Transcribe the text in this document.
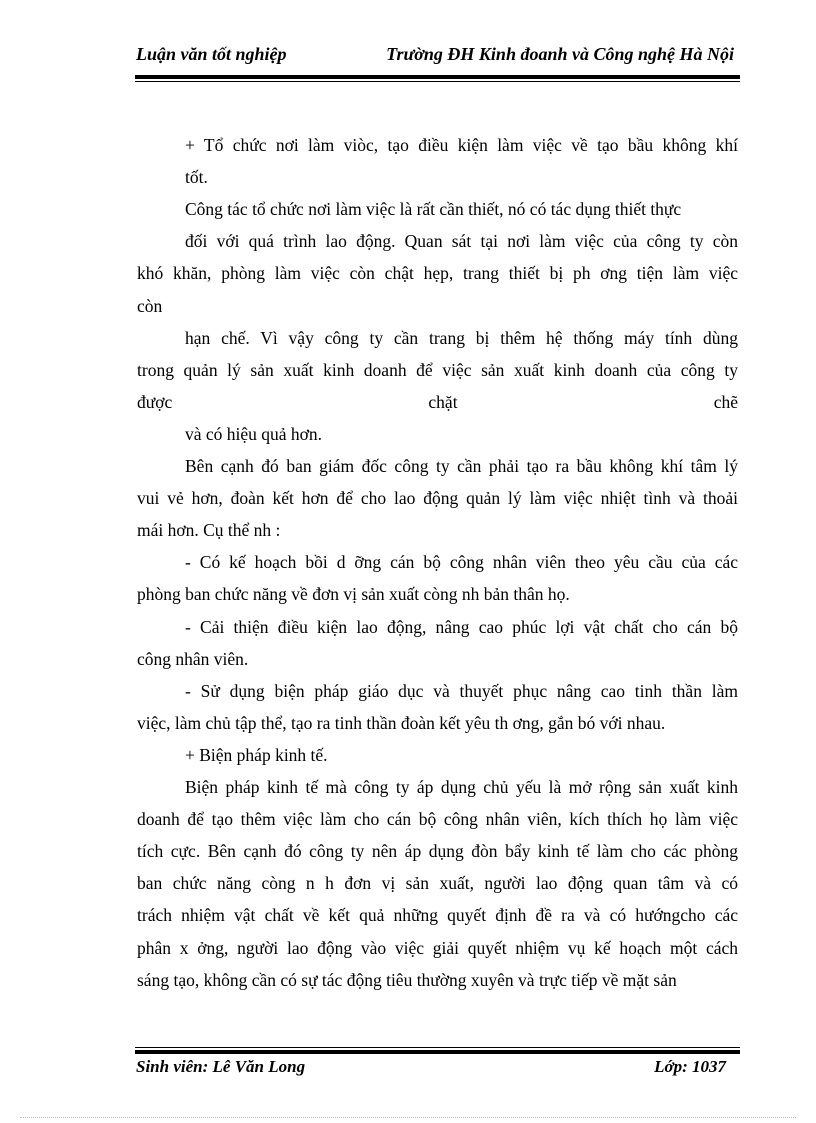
Luận văn tốt nghiệp	Trường ĐH Kinh đoanh và Công nghệ Hà Nội
+ Tổ chức nơi làm viòc, tạo điều kiện làm việc về tạo bầu không khí
tốt.
Công tác tổ chức nơi làm việc là rất cần thiết, nó có tác dụng thiết thực
đối với quá trình lao động. Quan sát tại nơi làm việc của công ty còn
khó khăn, phòng làm việc còn chật hẹp, trang thiết bị ph ơng tiện làm việc
còn
hạn chế. Vì vậy công ty cần trang bị thêm hệ thống máy tính dùng
trong quản lý sản xuất kinh doanh để việc sản xuất kinh doanh của công ty
được chặt chẽ
và có hiệu quả hơn.
Bên cạnh đó ban giám đốc công ty cần phải tạo ra bầu không khí tâm lý
vui vẻ hơn, đoàn kết hơn để cho lao động quản lý làm việc nhiệt tình và thoải
mái hơn. Cụ thể nh :
- Có kế hoạch bồi d ỡng cán bộ công nhân viên theo yêu cầu của các
phòng ban chức năng về đơn vị sản xuất còng nh bản thân họ.
- Cải thiện điều kiện lao động, nâng cao phúc lợi vật chất cho cán bộ
công nhân viên.
- Sử dụng biện pháp giáo dục và thuyết phục nâng cao tinh thần làm
việc, làm chủ tập thể, tạo ra tinh thần đoàn kết yêu th ơng, gắn bó với nhau.
+ Biện pháp kinh tế.
Biện pháp kinh tế mà công ty áp dụng chủ yếu là mở rộng sản xuất kinh
doanh để tạo thêm việc làm cho cán bộ công nhân viên, kích thích họ làm việc
tích cực. Bên cạnh đó công ty nên áp dụng đòn bẩy kinh tế làm cho các phòng
ban chức năng còng n h đơn vị sản xuất, người lao động quan tâm và có
trách nhiệm vật chất về kết quả những quyết định đề ra và có hướngcho các
phân x ởng, người lao động vào việc giải quyết nhiệm vụ kế hoạch một cách
sáng tạo, không cần có sự tác động tiêu thường xuyên và trực tiếp về mặt sản
Sinh viên: Lê Văn Long	Lớp: 1037
